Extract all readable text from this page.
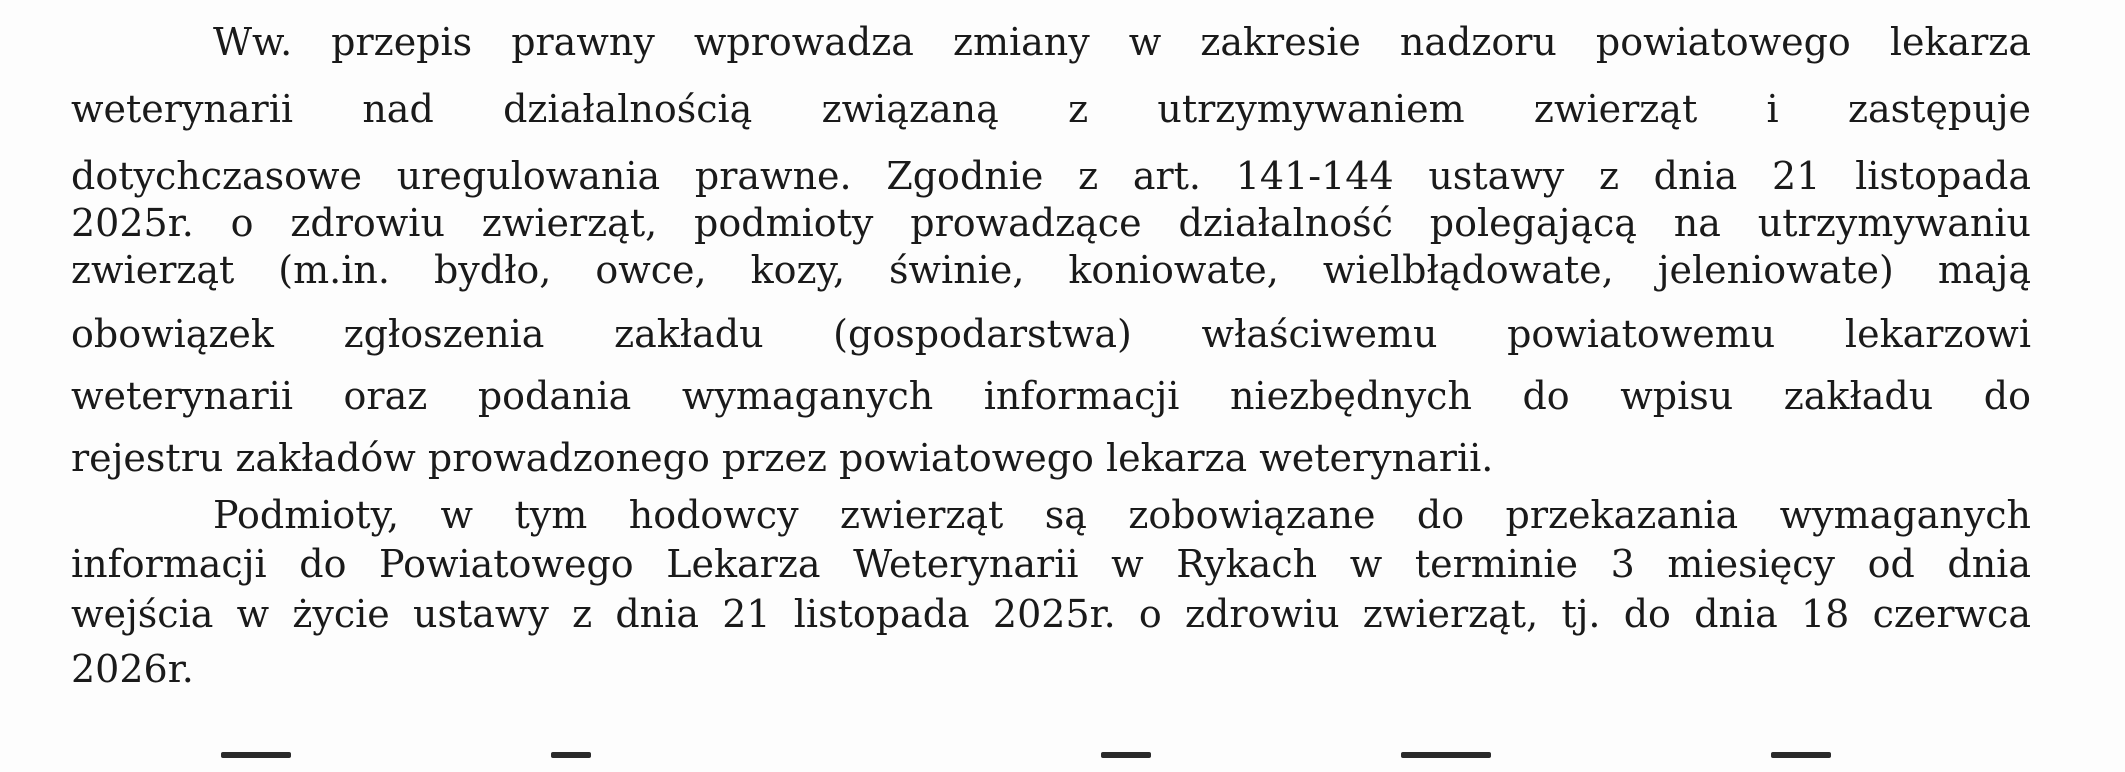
Ww. przepis prawny wprowadza zmiany w zakresie nadzoru powiatowego lekarza
weterynarii nad działalnością związaną z utrzymywaniem zwierząt i zastępuje
dotychczasowe uregulowania prawne. Zgodnie z art. 141-144 ustawy z dnia 21 listopada
2025r. o zdrowiu zwierząt, podmioty prowadzące działalność polegającą na utrzymywaniu
zwierząt (m.in. bydło, owce, kozy, świnie, koniowate, wielbłądowate, jeleniowate) mają
obowiązek zgłoszenia zakładu (gospodarstwa) właściwemu powiatowemu lekarzowi
weterynarii oraz podania wymaganych informacji niezbędnych do wpisu zakładu do
rejestru zakładów prowadzonego przez powiatowego lekarza weterynarii.
Podmioty, w tym hodowcy zwierząt są zobowiązane do przekazania wymaganych
informacji do Powiatowego Lekarza Weterynarii w Rykach w terminie 3 miesięcy od dnia
wejścia w życie ustawy z dnia 21 listopada 2025r. o zdrowiu zwierząt, tj. do dnia 18 czerwca
2026r.
